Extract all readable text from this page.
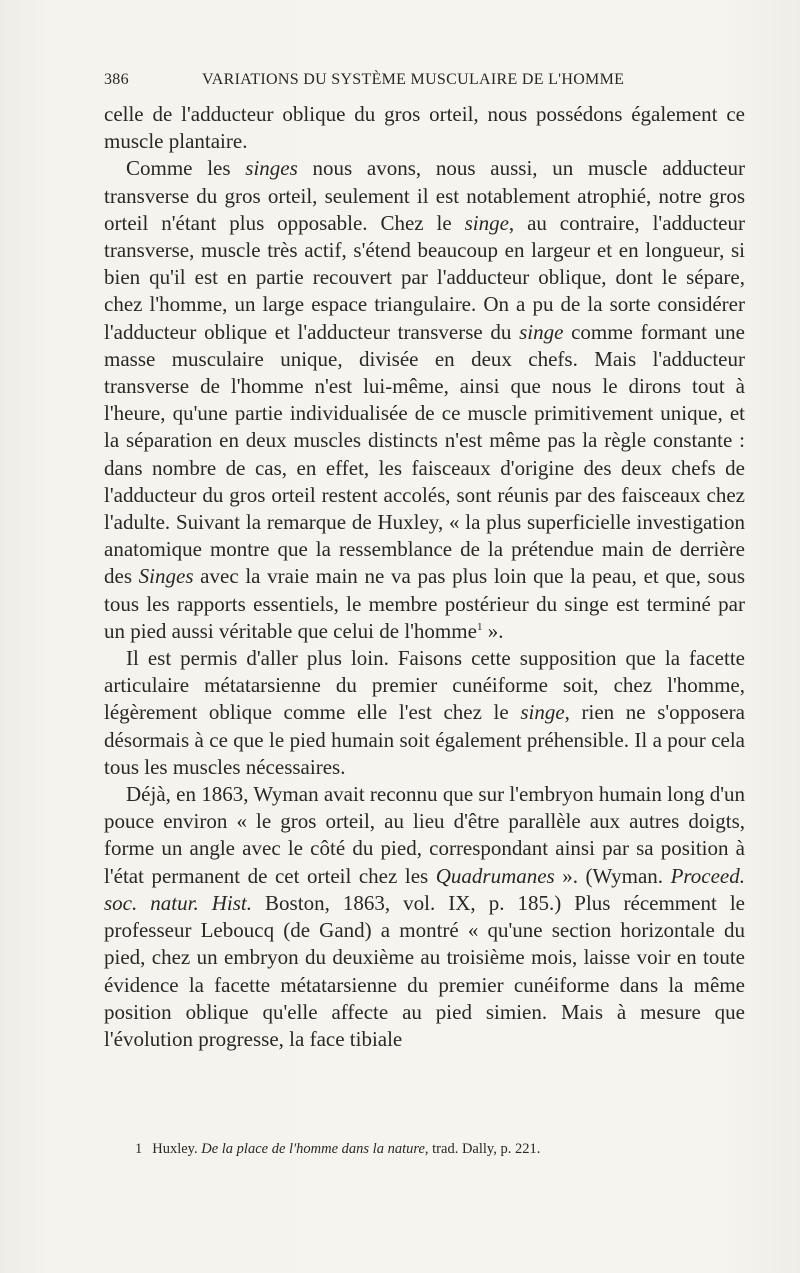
386	VARIATIONS DU SYSTÈME MUSCULAIRE DE L'HOMME

celle de l'adducteur oblique du gros orteil, nous possédons également ce muscle plantaire.

Comme les singes nous avons, nous aussi, un muscle adducteur transverse du gros orteil, seulement il est notablement atrophié, notre gros orteil n'étant plus opposable. Chez le singe, au contraire, l'adducteur transverse, muscle très actif, s'étend beaucoup en largeur et en longueur, si bien qu'il est en partie recouvert par l'adducteur oblique, dont le sépare, chez l'homme, un large espace triangulaire. On a pu de la sorte considérer l'adducteur oblique et l'adducteur transverse du singe comme formant une masse musculaire unique, divisée en deux chefs. Mais l'adducteur transverse de l'homme n'est lui-même, ainsi que nous le dirons tout à l'heure, qu'une partie individualisée de ce muscle primitivement unique, et la séparation en deux muscles distincts n'est même pas la règle constante : dans nombre de cas, en effet, les faisceaux d'origine des deux chefs de l'adducteur du gros orteil restent accolés, sont réunis par des faisceaux chez l'adulte. Suivant la remarque de Huxley, « la plus superficielle investigation anatomique montre que la ressemblance de la prétendue main de derrière des Singes avec la vraie main ne va pas plus loin que la peau, et que, sous tous les rapports essentiels, le membre postérieur du singe est terminé par un pied aussi véritable que celui de l'homme$^1$ ».

Il est permis d'aller plus loin. Faisons cette supposition que la facette articulaire métatarsienne du premier cunéiforme soit, chez l'homme, légèrement oblique comme elle l'est chez le singe, rien ne s'opposera désormais à ce que le pied humain soit également préhensible. Il a pour cela tous les muscles nécessaires.

Déjà, en 1863, Wyman avait reconnu que sur l'embryon humain long d'un pouce environ « le gros orteil, au lieu d'être parallèle aux autres doigts, forme un angle avec le côté du pied, correspondant ainsi par sa position à l'état permanent de cet orteil chez les Quadrumanes ». (Wyman. Proceed. soc. natur. Hist. Boston, 1863, vol. IX, p. 185.) Plus récemment le professeur Leboucq (de Gand) a montré « qu'une section horizontale du pied, chez un embryon du deuxième au troisième mois, laisse voir en toute évidence la facette métatarsienne du premier cunéiforme dans la même position oblique qu'elle affecte au pied simien. Mais à mesure que l'évolution progresse, la face tibiale

1 Huxley. De la place de l'homme dans la nature, trad. Dally, p. 221.
